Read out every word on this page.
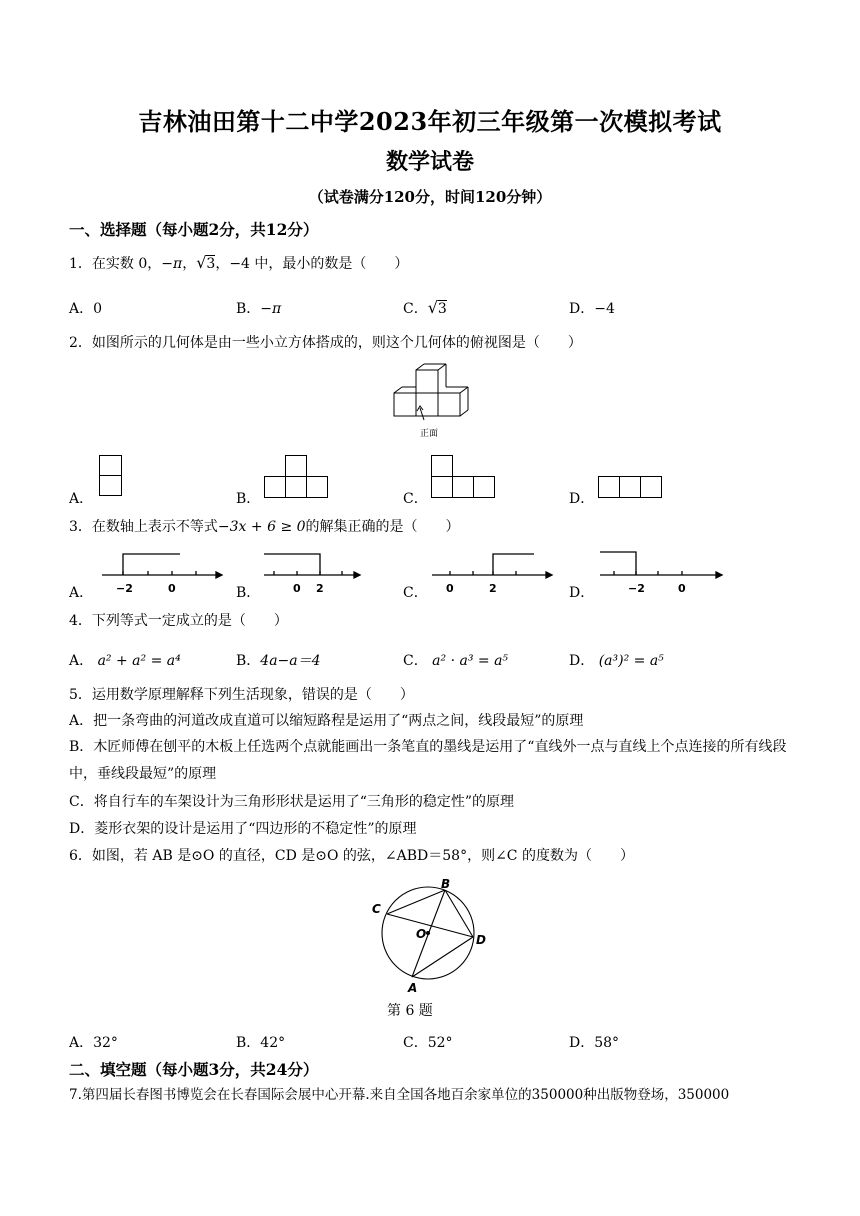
吉林油田第十二中学2023年初三年级第一次模拟考试
数学试卷
（试卷满分120分，时间120分钟）
一、选择题（每小题2分，共12分）
1．在实数 0，−π，√3，−4 中，最小的数是（　　）
A．0	B．−π	C．√3	D．−4
2．如图所示的几何体是由一些小立方体搭成的，则这个几何体的俯视图是（　　）
正面
A．	B．	C．	D．
3．在数轴上表示不等式−3x + 6 ≥ 0的解集正确的是（　　）
A． −2	0	B．	0 2	C． 0	2	D．	−2	0
4．下列等式一定成立的是（　　）
A． a² + a² = a⁴	B．4a−a＝4	C． a² · a³ = a⁵	D． (a³)² = a⁵
5．运用数学原理解释下列生活现象，错误的是（　　）
A．把一条弯曲的河道改成直道可以缩短路程是运用了“两点之间，线段最短”的原理
B．木匠师傅在刨平的木板上任选两个点就能画出一条笔直的墨线是运用了“直线外一点与直线上个点连接的所有线段中，垂线段最短”的原理
C．将自行车的车架设计为三角形形状是运用了“三角形的稳定性”的原理
D．菱形衣架的设计是运用了“四边形的不稳定性”的原理
6．如图，若 AB 是⊙O 的直径，CD 是⊙O 的弦，∠ABD＝58°，则∠C 的度数为（　　）
B
C
O	D
A
第 6 题
A．32°	B．42°	C．52°	D．58°
二、填空题（每小题3分，共24分）
7.第四届长春图书博览会在长春国际会展中心开幕.来自全国各地百余家单位的350000种出版物登场，350000
